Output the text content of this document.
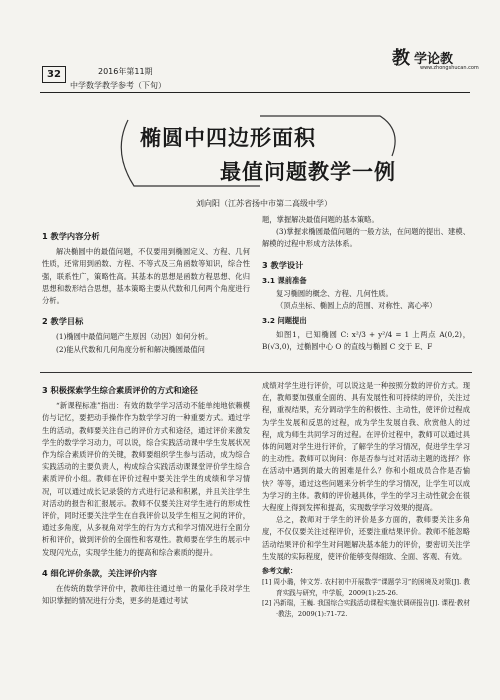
32	2016年第11期
中学数学教学参考（下旬）
教 学论教
www.zhongshucan.com
椭圆中四边形面积
最值问题教学一例
刘向阳（江苏省扬中市第二高级中学）
1 教学内容分析

解决椭圆中的最值问题，不仅要用到椭圆定义、方程、几何性质，还常用到函数、方程、不等式及三角函数等知识，综合性强，联系性广，策略性高。其基本的思想是函数方程思想、化归思想和数形结合思想，基本策略主要从代数和几何两个角度进行分析。

2 教学目标

(1)椭圆中最值问题产生原因（动因）如何分析。

(2)能从代数和几何角度分析和解决椭圆最值问

题，掌握解决最值问题的基本策略。

(3)掌握求椭圆最值问题的一般方法，在问题的提出、建模、解模的过程中形成方法体系。

3 教学设计
3.1 课前准备

复习椭圆的概念、方程、几何性质。

（顶点坐标、椭圆上点的范围、对称性、离心率）

3.2 问题提出

如图1，已知椭圆 C: x²/3 + y²/4 = 1 上两点 A(0,2)，B(√3,0)，过椭圆中心 O 的直线与椭圆 C 交于 E、F

3 积极探索学生综合素质评价的方式和途径

“新课程标准”指出：有效的数学学习活动不能单纯地依赖模仿与记忆，要把动手操作作为数学学习的一种重要方式。通过学生的活动，教师要关注自己的评价方式和途径，通过评价来激发学生的数学学习动力，可以说，综合实践活动课中学生发展状况作为综合素质评价的关键，教师要组织学生参与活动，成为综合实践活动的主要负责人，构成综合实践活动课课堂评价学生综合素质评价小组。教师在评价过程中要关注学生的成绩和学习情况，可以通过成长记录袋的方式进行记录和积累，并且关注学生对活动的报告和汇报展示。教师不仅要关注对学生进行的形成性评价，同时还要关注学生在自我评价以及学生相互之间的评价，通过多角度，从多视角对学生的行为方式和学习情况进行全面分析和评价，做到评价的全面性和客观性。教师要在学生的展示中发现闪光点，实现学生能力的提高和综合素质的提升。

4 细化评价条款，关注评价内容

在传统的数学评价中，教师往往通过单一的量化手段对学生知识掌握的情况进行分类，更多的是通过考试

成绩对学生进行评价，可以说这是一种按照分数的评价方式。现在，教师要加强重全面的、具有发展性和可持续的评价，关注过程，重视结果，充分调动学生的积极性、主动性，使评价过程成为学生发展和反思的过程，成为学生发展自我、欣赏他人的过程，成为师生共同学习的过程。在评价过程中，教师可以通过具体的问题对学生进行评价，了解学生的学习情况，促进学生学习的主动性。教师可以询问：你是否参与过对活动主题的选择？你在活动中遇到的最大的困难是什么？你和小组成员合作是否愉快？等等，通过这些问题来分析学生的学习情况，让学生可以成为学习的主体。教师的评价越具体，学生的学习主动性就会在很大程度上得到发挥和提高，实现数学学习效果的提高。

总之，教师对于学生的评价是多方面的，教师要关注多角度，不仅仅要关注过程评价，还要注重结果评价。教师不能忽略活动结果评价和学生对问题解决基本能力的评价，要密切关注学生发展的实际程度，使评价能够变得细致、全面、客观、有效。

参考文献：
[1] 周小璐，钟文芳. 农村初中开展数学“课题学习”的困境及对策[J]. 教育实践与研究，中学版，2009(1):25-26.
[2] 冯新瑞，王巍. 我国综合实践活动课程实施状调研报告[J]. 课程·教材·教法，2009(1):71-72.
